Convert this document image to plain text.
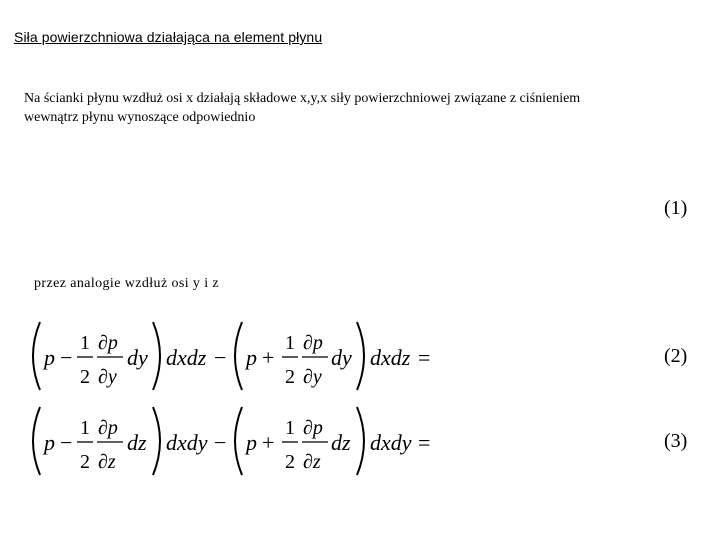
Siła powierzchniowa działająca na element płynu
Na ścianki płynu wzdłuż osi x działają składowe x,y,x siły powierzchniowej związane z ciśnieniem
wewnątrz płynu wynoszące odpowiednio
(1)
przez analogie wzdłuż osi y i z
p −
1
2
∂p
∂y
dy dxdz − p +
1
2
∂p
∂y
dy dxdz =	(2)
p −
1
2
∂p
∂z
dz dxdy − p +
1
2
∂p
∂z
dz dxdy =	(3)
